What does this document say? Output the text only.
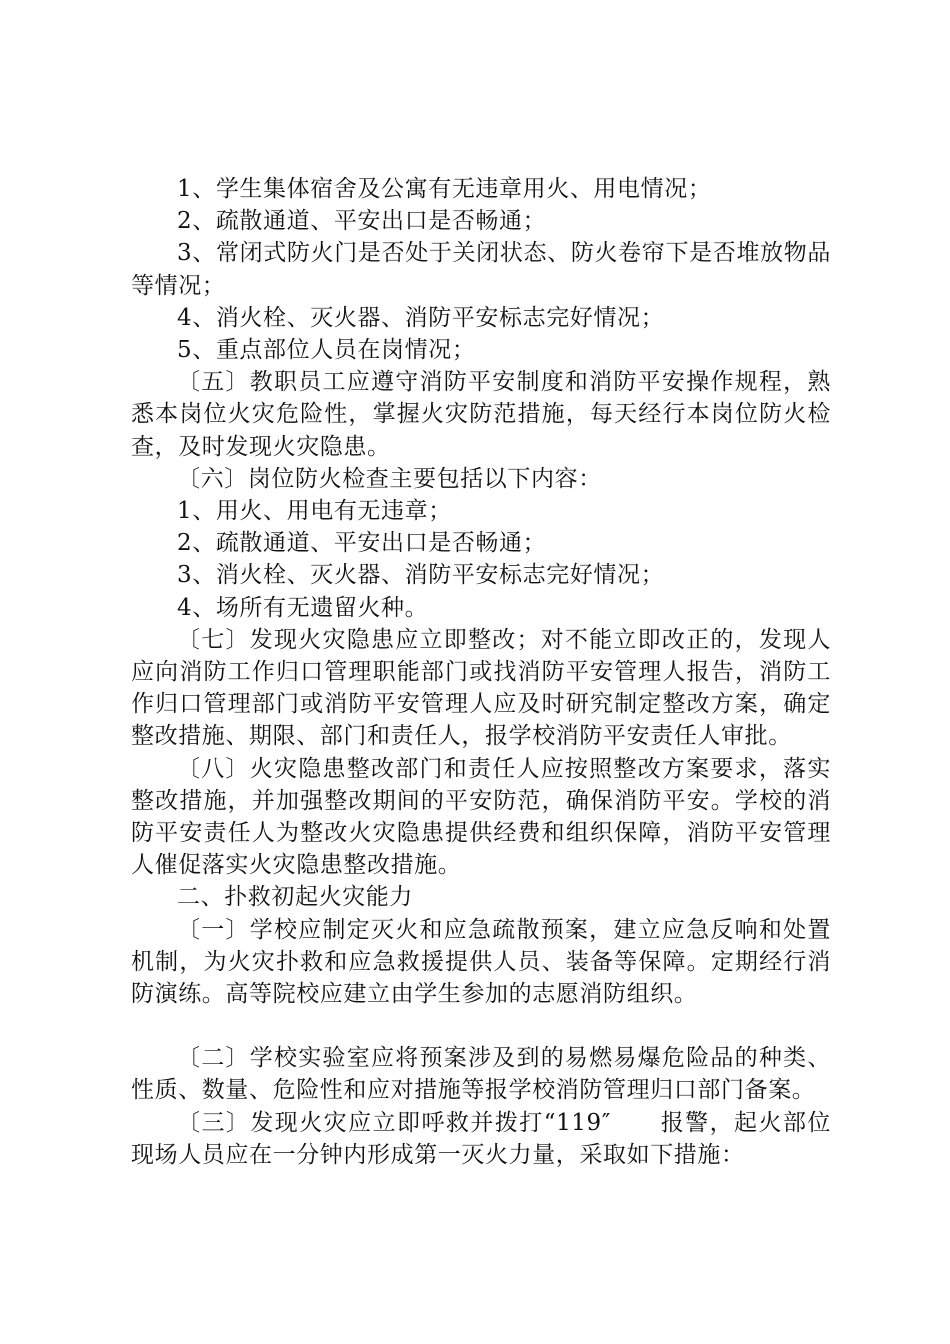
1、学生集体宿舍及公寓有无违章用火、用电情况；

2、疏散通道、平安出口是否畅通；

3、常闭式防火门是否处于关闭状态、防火卷帘下是否堆放物品等情况；

4、消火栓、灭火器、消防平安标志完好情况；

5、重点部位人员在岗情况；

〔五〕教职员工应遵守消防平安制度和消防平安操作规程，熟悉本岗位火灾危险性，掌握火灾防范措施，每天经行本岗位防火检查，及时发现火灾隐患。

〔六〕岗位防火检查主要包括以下内容：

1、用火、用电有无违章；

2、疏散通道、平安出口是否畅通；

3、消火栓、灭火器、消防平安标志完好情况；

4、场所有无遗留火种。

〔七〕发现火灾隐患应立即整改；对不能立即改正的，发现人应向消防工作归口管理职能部门或找消防平安管理人报告，消防工作归口管理部门或消防平安管理人应及时研究制定整改方案，确定整改措施、期限、部门和责任人，报学校消防平安责任人审批。

〔八〕火灾隐患整改部门和责任人应按照整改方案要求，落实整改措施，并加强整改期间的平安防范，确保消防平安。学校的消防平安责任人为整改火灾隐患提供经费和组织保障，消防平安管理人催促落实火灾隐患整改措施。

二、扑救初起火灾能力

〔一〕学校应制定灭火和应急疏散预案，建立应急反响和处置机制，为火灾扑救和应急救援提供人员、装备等保障。定期经行消防演练。高等院校应建立由学生参加的志愿消防组织。

〔二〕学校实验室应将预案涉及到的易燃易爆危险品的种类、性质、数量、危险性和应对措施等报学校消防管理归口部门备案。

〔三〕发现火灾应立即呼救并拨打“119″　　报警，起火部位现场人员应在一分钟内形成第一灭火力量，采取如下措施：
